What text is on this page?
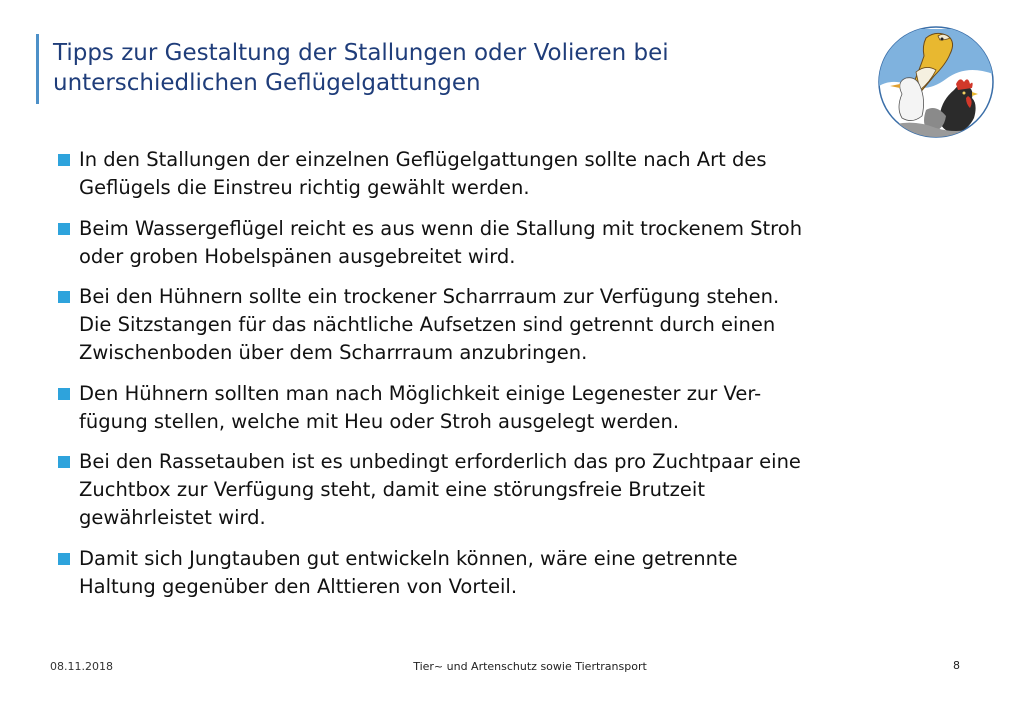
Tipps zur Gestaltung der Stallungen oder Volieren bei
unterschiedlichen Geflügelgattungen
In den Stallungen der einzelnen Geflügelgattungen sollte nach Art des
Geflügels die Einstreu richtig gewählt werden.
Beim Wassergeflügel reicht es aus wenn die Stallung mit trockenem Stroh
oder groben Hobelspänen ausgebreitet wird.
Bei den Hühnern sollte ein trockener Scharrraum zur Verfügung stehen.
Die Sitzstangen für das nächtliche Aufsetzen sind getrennt durch einen
Zwischenboden über dem Scharrraum anzubringen.
Den Hühnern sollten man nach Möglichkeit einige Legenester zur Ver-
fügung stellen, welche mit Heu oder Stroh ausgelegt werden.
Bei den Rassetauben ist es unbedingt erforderlich das pro Zuchtpaar eine
Zuchtbox zur Verfügung steht, damit eine störungsfreie Brutzeit
gewährleistet wird.
Damit sich Jungtauben gut entwickeln können, wäre eine getrennte
Haltung gegenüber den Alttieren von Vorteil.
08.11.2018	Tier~ und Artenschutz sowie Tiertransport	8
